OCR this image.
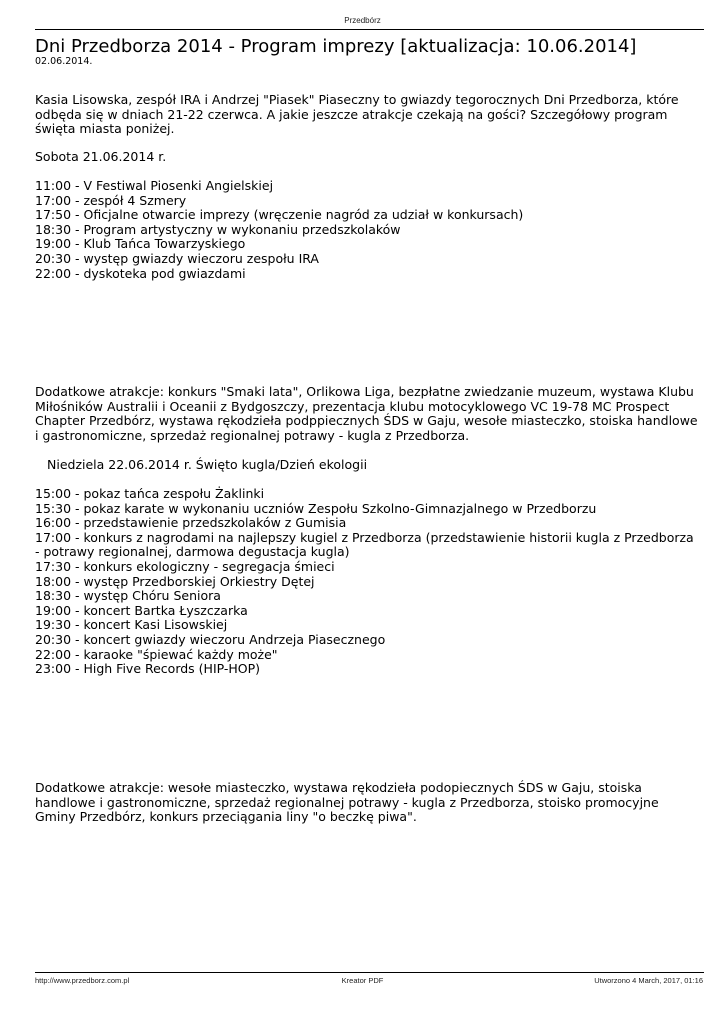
Przedbórz
Dni Przedborza 2014 - Program imprezy [aktualizacja: 10.06.2014]
02.06.2014.
Kasia Lisowska, zespół IRA i Andrzej "Piasek" Piaseczny to gwiazdy tegorocznych Dni Przedborza, które
odbęda się w dniach 21-22 czerwca. A jakie jeszcze atrakcje czekają na gości? Szczegółowy program
święta miasta poniżej.
Sobota 21.06.2014 r.
11:00 - V Festiwal Piosenki Angielskiej
17:00 - zespół 4 Szmery
17:50 - Oficjalne otwarcie imprezy (wręczenie nagród za udział w konkursach)
18:30 - Program artystyczny w wykonaniu przedszkolaków
19:00 - Klub Tańca Towarzyskiego
20:30 - występ gwiazdy wieczoru zespołu IRA
22:00 - dyskoteka pod gwiazdami
Dodatkowe atrakcje: konkurs "Smaki lata", Orlikowa Liga, bezpłatne zwiedzanie muzeum, wystawa Klubu
Miłośników Australii i Oceanii z Bydgoszczy, prezentacja klubu motocyklowego VC 19-78 MC Prospect
Chapter Przedbórz, wystawa rękodzieła podppiecznych ŚDS w Gaju, wesołe miasteczko, stoiska handlowe
i gastronomiczne, sprzedaż regionalnej potrawy - kugla z Przedborza.
Niedziela 22.06.2014 r. Święto kugla/Dzień ekologii
15:00 - pokaz tańca zespołu Żaklinki
15:30 - pokaz karate w wykonaniu uczniów Zespołu Szkolno-Gimnazjalnego w Przedborzu
16:00 - przedstawienie przedszkolaków z Gumisia
17:00 - konkurs z nagrodami na najlepszy kugiel z Przedborza (przedstawienie historii kugla z Przedborza
- potrawy regionalnej, darmowa degustacja kugla)
17:30 - konkurs ekologiczny - segregacja śmieci
18:00 - występ Przedborskiej Orkiestry Dętej
18:30 - występ Chóru Seniora
19:00 - koncert Bartka Łyszczarka
19:30 - koncert Kasi Lisowskiej
20:30 - koncert gwiazdy wieczoru Andrzeja Piasecznego
22:00 - karaoke "śpiewać każdy może"
23:00 - High Five Records (HIP-HOP)
Dodatkowe atrakcje: wesołe miasteczko, wystawa rękodzieła podopiecznych ŚDS w Gaju, stoiska
handlowe i gastronomiczne, sprzedaż regionalnej potrawy - kugla z Przedborza, stoisko promocyjne
Gminy Przedbórz, konkurs przeciągania liny "o beczkę piwa".
http://www.przedborz.com.pl	Kreator PDF	Utworzono 4 March, 2017, 01:16
